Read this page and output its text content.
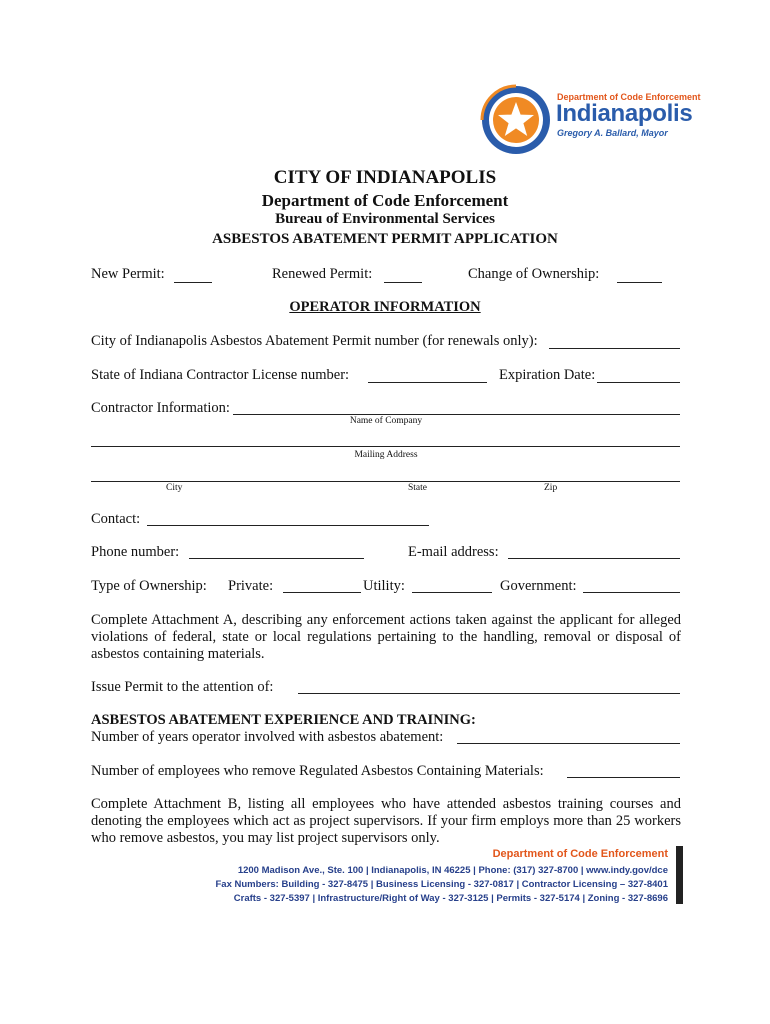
Department of Code Enforcement
Indianapolis
Gregory A. Ballard, Mayor
CITY OF INDIANAPOLIS
Department of Code Enforcement
Bureau of Environmental Services
ASBESTOS ABATEMENT PERMIT APPLICATION
New Permit:	Renewed Permit:	Change of Ownership:
OPERATOR INFORMATION
City of Indianapolis Asbestos Abatement Permit number (for renewals only):
State of Indiana Contractor License number:	Expiration Date:
Contractor Information:
Name of Company
Mailing Address
City	State	Zip
Contact:
Phone number:	E-mail address:
Type of Ownership: Private:	Utility:	Government:
Complete Attachment A, describing any enforcement actions taken against the applicant for alleged violations of federal, state or local regulations pertaining to the handling, removal or disposal of asbestos containing materials.
Issue Permit to the attention of:
ASBESTOS ABATEMENT EXPERIENCE AND TRAINING:
Number of years operator involved with asbestos abatement:
Number of employees who remove Regulated Asbestos Containing Materials:
Complete Attachment B, listing all employees who have attended asbestos training courses and denoting the employees which act as project supervisors. If your firm employs more than 25 workers who remove asbestos, you may list project supervisors only.
Department of Code Enforcement
1200 Madison Ave., Ste. 100 | Indianapolis, IN 46225 | Phone: (317) 327-8700 | www.indy.gov/dce
Fax Numbers: Building - 327-8475 | Business Licensing - 327-0817 | Contractor Licensing – 327-8401
Crafts - 327-5397 | Infrastructure/Right of Way - 327-3125 | Permits - 327-5174 | Zoning - 327-8696
